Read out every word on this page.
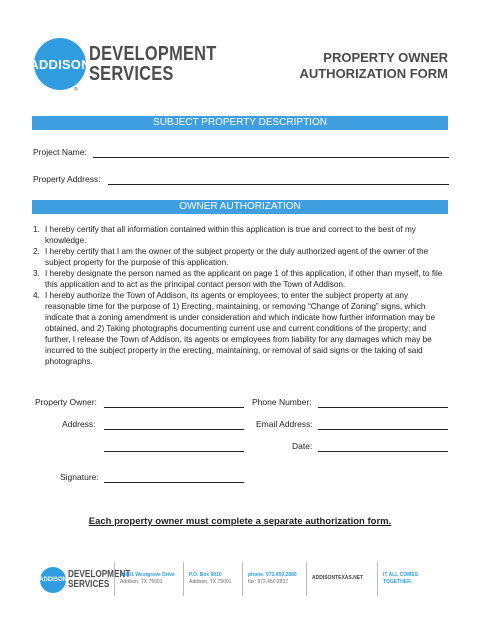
ADDISON
®
DEVELOPMENT
SERVICES
PROPERTY OWNER
AUTHORIZATION FORM
SUBJECT PROPERTY DESCRIPTION
Project Name:
Property Address:
OWNER AUTHORIZATION
1. I hereby certify that all information contained within this application is true and correct to the best of my knowledge.
2. I hereby certify that I am the owner of the subject property or the duly authorized agent of the owner of the subject property for the purpose of this application.
3. I hereby designate the person named as the applicant on page 1 of this application, if other than myself, to file this application and to act as the principal contact person with the Town of Addison.
4. I hereby authorize the Town of Addison, its agents or employees, to enter the subject property at any reasonable time for the purpose of 1) Erecting, maintaining, or removing “Change of Zoning” signs, which indicate that a zoning amendment is under consideration and which indicate how further information may be obtained, and 2) Taking photographs documenting current use and current conditions of the property; and further, I release the Town of Addison, its agents or employees from liability for any damages which may be incurred to the subject property in the erecting, maintaining, or removal of said signs or the taking of said photographs.
Property Owner:
Address:
Signature:
Phone Number:
Email Address:
Date:
Each property owner must complete a separate authorization form.
ADDISON DEVELOPMENT
SERVICES
16801 Westgrove Drive
Addison, TX 75001
P.O. Box 9010
Addison, TX 75001
phone: 972.450.2880
fax: 972.450.2837
ADDISONTEXAS.NET	IT ALL COMES
TOGETHER.
